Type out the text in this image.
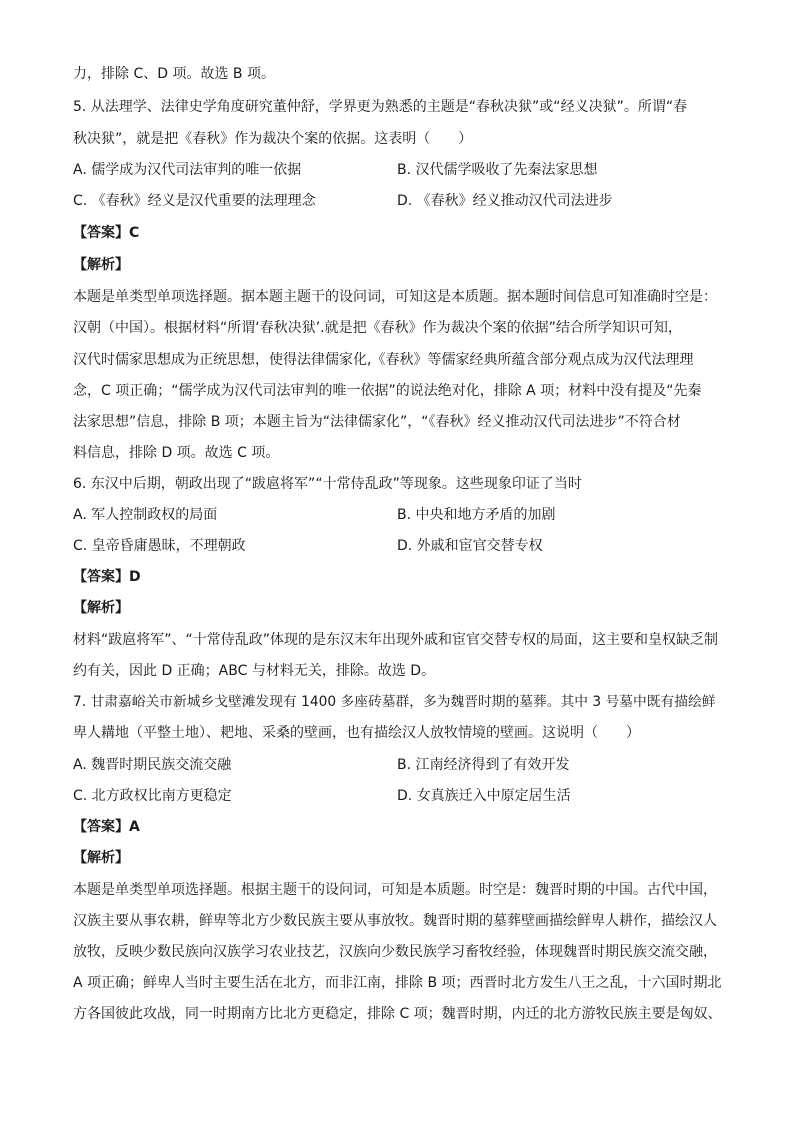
力，排除 C、D 项。故选 B 项。
5. 从法理学、法律史学角度研究董仲舒，学界更为熟悉的主题是“春秋决狱”或“经义决狱”。所谓“春
秋决狱”，就是把《春秋》作为裁决个案的依据。这表明（　　）
A. 儒学成为汉代司法审判的唯一依据	B. 汉代儒学吸收了先秦法家思想
C. 《春秋》经义是汉代重要的法理理念	D. 《春秋》经义推动汉代司法进步
【答案】C
【解析】
本题是单类型单项选择题。据本题主题干的设问词，可知这是本质题。据本题时间信息可知准确时空是：
汉朝（中国）。根据材料“所谓‘春秋决狱’.就是把《春秋》作为裁决个案的依据”结合所学知识可知，
汉代时儒家思想成为正统思想，使得法律儒家化,《春秋》等儒家经典所蕴含部分观点成为汉代法理理
念，C 项正确；“儒学成为汉代司法审判的唯一依据”的说法绝对化，排除 A 项；材料中没有提及“先秦
法家思想”信息，排除 B 项；本题主旨为“法律儒家化”，“《春秋》经义推动汉代司法进步”不符合材
料信息，排除 D 项。故选 C 项。
6. 东汉中后期，朝政出现了“跋扈将军”“十常侍乱政”等现象。这些现象印证了当时
A. 军人控制政权的局面	B. 中央和地方矛盾的加剧
C. 皇帝昏庸愚昧，不理朝政	D. 外戚和宦官交替专权
【答案】D
【解析】
材料“跋扈将军”、“十常侍乱政”体现的是东汉末年出现外戚和宦官交替专权的局面，这主要和皇权缺乏制
约有关，因此 D 正确；ABC 与材料无关，排除。故选 D。
7. 甘肃嘉峪关市新城乡戈壁滩发现有 1400 多座砖墓群，多为魏晋时期的墓葬。其中 3 号墓中既有描绘鲜
卑人耩地（平整土地）、耙地、采桑的壁画，也有描绘汉人放牧情境的壁画。这说明（　　）
A. 魏晋时期民族交流交融	B. 江南经济得到了有效开发
C. 北方政权比南方更稳定	D. 女真族迁入中原定居生活
【答案】A
【解析】
本题是单类型单项选择题。根据主题干的设问词，可知是本质题。时空是：魏晋时期的中国。古代中国，
汉族主要从事农耕，鲜卑等北方少数民族主要从事放牧。魏晋时期的墓葬壁画描绘鲜卑人耕作，描绘汉人
放牧，反映少数民族向汉族学习农业技艺，汉族向少数民族学习畜牧经验，体现魏晋时期民族交流交融，
A 项正确；鲜卑人当时主要生活在北方，而非江南，排除 B 项；西晋时北方发生八王之乱，十六国时期北
方各国彼此攻战，同一时期南方比北方更稳定，排除 C 项；魏晋时期，内迁的北方游牧民族主要是匈奴、
